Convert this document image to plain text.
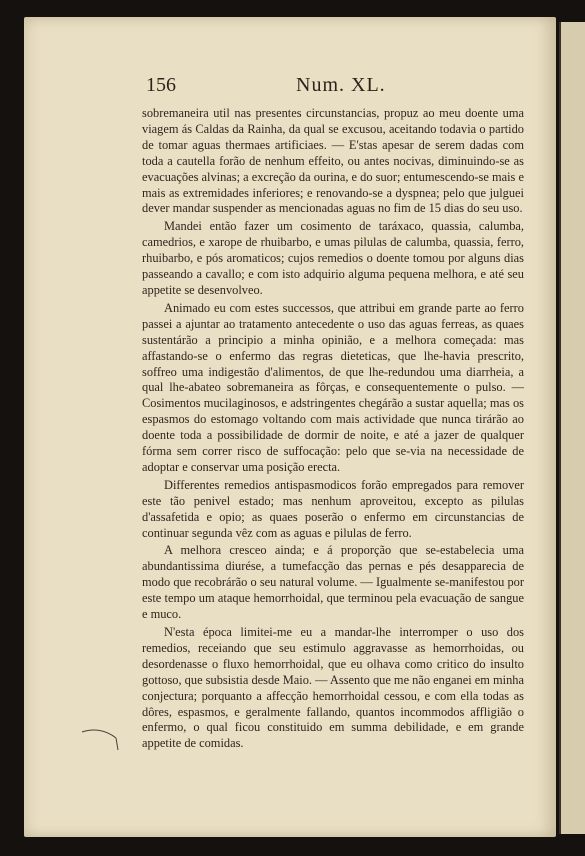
156	Num. XL.

sobremaneira util nas presentes circunstancias, propuz ao meu doente uma viagem ás Caldas da Rainha, da qual se excusou, aceitando todavia o partido de tomar aguas thermaes artificiaes. — E'stas apesar de serem dadas com toda a cautella forão de nenhum effeito, ou antes nocivas, diminuindo-se as evacuações alvinas; a excreção da ourina, e do suor; entumescendo-se mais e mais as extremidades inferiores; e renovando-se a dyspnea; pelo que julguei dever mandar suspender as mencionadas aguas no fim de 15 dias do seu uso.

Mandei então fazer um cosimento de taráxaco, quassia, calumba, camedrios, e xarope de rhuibarbo, e umas pilulas de calumba, quassia, ferro, rhuibarbo, e pós aromaticos; cujos remedios o doente tomou por alguns dias passeando a cavallo; e com isto adquirio alguma pequena melhora, e até seu appetite se desenvolveo.

Animado eu com estes successos, que attribui em grande parte ao ferro passei a ajuntar ao tratamento antecedente o uso das aguas ferreas, as quaes sustentárão a principio a minha opinião, e a melhora começada: mas affastando-se o enfermo das regras dieteticas, que lhe-havia prescrito, soffreo uma indigestão d'alimentos, de que lhe-redundou uma diarrheia, a qual lhe-abateo sobremaneira as fôrças, e consequentemente o pulso. — Cosimentos mucilaginosos, e adstringentes chegárão a sustar aquella; mas os espasmos do estomago voltando com mais actividade que nunca tirárão ao doente toda a possibilidade de dormir de noite, e até a jazer de qualquer fórma sem correr risco de suffocação: pelo que se-via na necessidade de adoptar e conservar uma posição erecta.

Differentes remedios antispasmodicos forão empregados para remover este tão penivel estado; mas nenhum aproveitou, excepto as pilulas d'assafetida e opio; as quaes poserão o enfermo em circunstancias de continuar segunda vêz com as aguas e pilulas de ferro.

A melhora cresceo ainda; e á proporção que se-estabelecia uma abundantissima diurése, a tumefacção das pernas e pés desapparecia de modo que recobrárão o seu natural volume. — Igualmente se-manifestou por este tempo um ataque hemorrhoidal, que terminou pela evacuação de sangue e muco.

N'esta época limitei-me eu a mandar-lhe interromper o uso dos remedios, receiando que seu estimulo aggravasse as hemorrhoidas, ou desordenasse o fluxo hemorrhoidal, que eu olhava como critico do insulto gottoso, que subsistia desde Maio. — Assento que me não enganei em minha conjectura; porquanto a affecção hemorrhoidal cessou, e com ella todas as dôres, espasmos, e geralmente fallando, quantos incommodos affligião o enfermo, o qual ficou constituido em summa debilidade, e em grande appetite de comidas.
